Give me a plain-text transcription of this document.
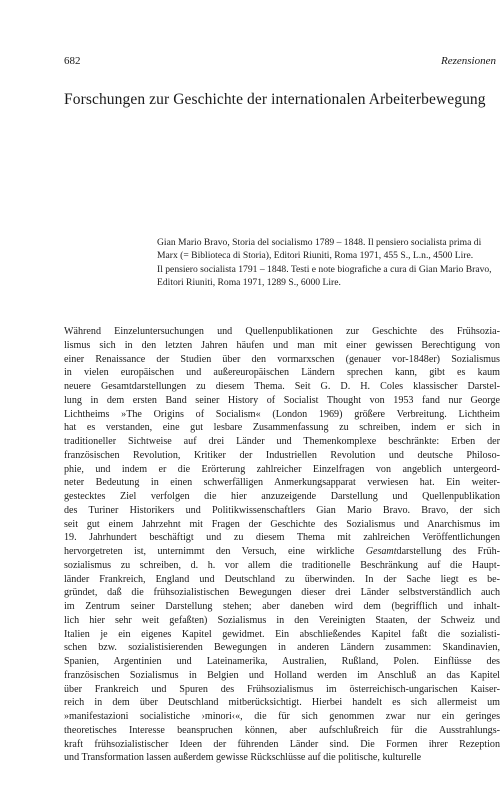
682	Rezensionen
Forschungen zur Geschichte der internationalen Arbeiterbewegung

Gian Mario Bravo, Storia del socialismo 1789 – 1848. Il pensiero socialista prima di Marx (= Biblioteca di Storia), Editori Riuniti, Roma 1971, 455 S., L.n., 4500 Lire.

Il pensiero socialista 1791 – 1848. Testi e note biografiche a cura di Gian Mario Bravo, Editori Riuniti, Roma 1971, 1289 S., 6000 Lire.

Während Einzeluntersuchungen und Quellenpublikationen zur Geschichte des Frühsozia-
lismus sich in den letzten Jahren häufen und man mit einer gewissen Berechtigung von
einer Renaissance der Studien über den vormarxschen (genauer vor-1848er) Sozialismus
in vielen europäischen und außereuropäischen Ländern sprechen kann, gibt es kaum
neuere Gesamtdarstellungen zu diesem Thema. Seit G. D. H. Coles klassischer Darstel-
lung in dem ersten Band seiner History of Socialist Thought von 1953 fand nur George
Lichtheims »The Origins of Socialism« (London 1969) größere Verbreitung. Lichtheim
hat es verstanden, eine gut lesbare Zusammenfassung zu schreiben, indem er sich in
traditioneller Sichtweise auf drei Länder und Themenkomplexe beschränkte: Erben der
französischen Revolution, Kritiker der Industriellen Revolution und deutsche Philoso-
phie, und indem er die Erörterung zahlreicher Einzelfragen von angeblich untergeord-
neter Bedeutung in einen schwerfälligen Anmerkungsapparat verwiesen hat. Ein weiter-
gestecktes Ziel verfolgen die hier anzuzeigende Darstellung und Quellenpublikation
des Turiner Historikers und Politikwissenschaftlers Gian Mario Bravo. Bravo, der sich
seit gut einem Jahrzehnt mit Fragen der Geschichte des Sozialismus und Anarchismus im
19. Jahrhundert beschäftigt und zu diesem Thema mit zahlreichen Veröffentlichungen
hervorgetreten ist, unternimmt den Versuch, eine wirkliche Gesamtdarstellung des Früh-
sozialismus zu schreiben, d. h. vor allem die traditionelle Beschränkung auf die Haupt-
länder Frankreich, England und Deutschland zu überwinden. In der Sache liegt es be-
gründet, daß die frühsozialistischen Bewegungen dieser drei Länder selbstverständlich auch
im Zentrum seiner Darstellung stehen; aber daneben wird dem (begrifflich und inhalt-
lich hier sehr weit gefaßten) Sozialismus in den Vereinigten Staaten, der Schweiz und
Italien je ein eigenes Kapitel gewidmet. Ein abschließendes Kapitel faßt die sozialisti-
schen bzw. sozialistisierenden Bewegungen in anderen Ländern zusammen: Skandinavien,
Spanien, Argentinien und Lateinamerika, Australien, Rußland, Polen. Einflüsse des
französischen Sozialismus in Belgien und Holland werden im Anschluß an das Kapitel
über Frankreich und Spuren des Frühsozialismus im österreichisch-ungarischen Kaiser-
reich in dem über Deutschland mitberücksichtigt. Hierbei handelt es sich allermeist um
»manifestazioni socialistiche ›minori‹«, die für sich genommen zwar nur ein geringes
theoretisches Interesse beanspruchen können, aber aufschlußreich für die Ausstrahlungs-
kraft frühsozialistischer Ideen der führenden Länder sind. Die Formen ihrer Rezeption
und Transformation lassen außerdem gewisse Rückschlüsse auf die politische, kulturelle
